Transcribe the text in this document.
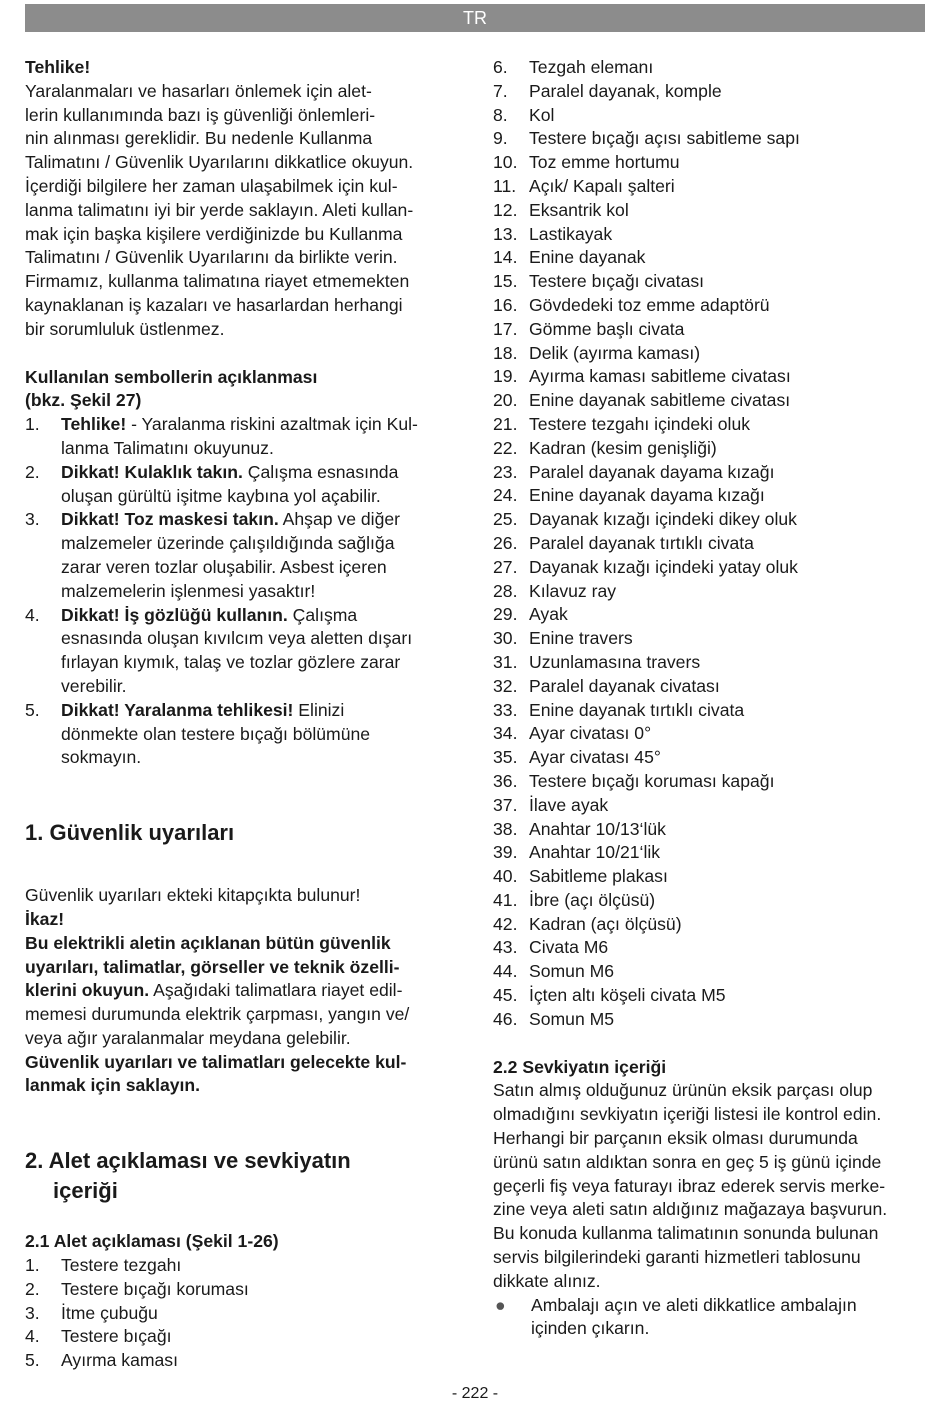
TR

Tehlike!

Yaralanmaları ve hasarları önlemek için alet-

lerin kullanımında bazı iş güvenliği önlemleri-

nin alınması gereklidir. Bu nedenle Kullanma

Talimatını / Güvenlik Uyarılarını dikkatlice okuyun.

İçerdiği bilgilere her zaman ulaşabilmek için kul-

lanma talimatını iyi bir yerde saklayın. Aleti kullan-

mak için başka kişilere verdiğinizde bu Kullanma

Talimatını / Güvenlik Uyarılarını da birlikte verin.

Firmamız, kullanma talimatına riayet etmemekten

kaynaklanan iş kazaları ve hasarlardan herhangi

bir sorumluluk üstlenmez.

Kullanılan sembollerin açıklanması

(bkz. Şekil 27)

1.	Tehlike! - Yaralanma riskini azaltmak için Kul-
lanma Talimatını okuyunuz.
2.	Dikkat! Kulaklık takın. Çalışma esnasında
oluşan gürültü işitme kaybına yol açabilir.
3.	Dikkat! Toz maskesi takın. Ahşap ve diğer
malzemeler üzerinde çalışıldığında sağlığa
zarar veren tozlar oluşabilir. Asbest içeren
malzemelerin işlenmesi yasaktır!
4.	Dikkat! İş gözlüğü kullanın. Çalışma
esnasında oluşan kıvılcım veya aletten dışarı
fırlayan kıymık, talaş ve tozlar gözlere zarar
verebilir.
5.	Dikkat! Yaralanma tehlikesi! Elinizi
dönmekte olan testere bıçağı bölümüne
sokmayın.

1. Güvenlik uyarıları

Güvenlik uyarıları ekteki kitapçıkta bulunur!

İkaz!

Bu elektrikli aletin açıklanan bütün güvenlik

uyarıları, talimatlar, görseller ve teknik özelli-

klerini okuyun. Aşağıdaki talimatlara riayet edil-

memesi durumunda elektrik çarpması, yangın ve/

veya ağır yaralanmalar meydana gelebilir.

Güvenlik uyarıları ve talimatları gelecekte kul-

lanmak için saklayın.

2. Alet açıklaması ve sevkiyatın

içeriği

2.1 Alet açıklaması (Şekil 1-26)

1.	Testere tezgahı
2.	Testere bıçağı koruması
3.	İtme çubuğu
4.	Testere bıçağı
5.	Ayırma kaması
6.	Tezgah elemanı
7.	Paralel dayanak, komple
8.	Kol
9.	Testere bıçağı açısı sabitleme sapı
10. Toz emme hortumu
11. Açık/ Kapalı şalteri
12. Eksantrik kol
13. Lastikayak
14. Enine dayanak
15. Testere bıçağı civatası
16. Gövdedeki toz emme adaptörü
17. Gömme başlı civata
18. Delik (ayırma kaması)
19. Ayırma kaması sabitleme civatası
20. Enine dayanak sabitleme civatası
21. Testere tezgahı içindeki oluk
22. Kadran (kesim genişliği)
23. Paralel dayanak dayama kızağı
24. Enine dayanak dayama kızağı
25. Dayanak kızağı içindeki dikey oluk
26. Paralel dayanak tırtıklı civata
27. Dayanak kızağı içindeki yatay oluk
28. Kılavuz ray
29. Ayak
30. Enine travers
31. Uzunlamasına travers
32. Paralel dayanak civatası
33. Enine dayanak tırtıklı civata
34. Ayar civatası 0°
35. Ayar civatası 45°
36. Testere bıçağı koruması kapağı
37. İlave ayak
38. Anahtar 10/13‘lük
39. Anahtar 10/21‘lik
40. Sabitleme plakası
41. İbre (açı ölçüsü)
42. Kadran (açı ölçüsü)
43. Civata M6
44. Somun M6
45. İçten altı köşeli civata M5
46. Somun M5

2.2 Sevkiyatın içeriği

Satın almış olduğunuz ürünün eksik parçası olup

olmadığını sevkiyatın içeriği listesi ile kontrol edin.

Herhangi bir parçanın eksik olması durumunda

ürünü satın aldıktan sonra en geç 5 iş günü içinde

geçerli fiş veya faturayı ibraz ederek servis merke-

zine veya aleti satın aldığınız mağazaya başvurun.

Bu konuda kullanma talimatının sonunda bulunan

servis bilgilerindeki garanti hizmetleri tablosunu

dikkate alınız.

●	Ambalajı açın ve aleti dikkatlice ambalajın
içinden çıkarın.
- 222 -
